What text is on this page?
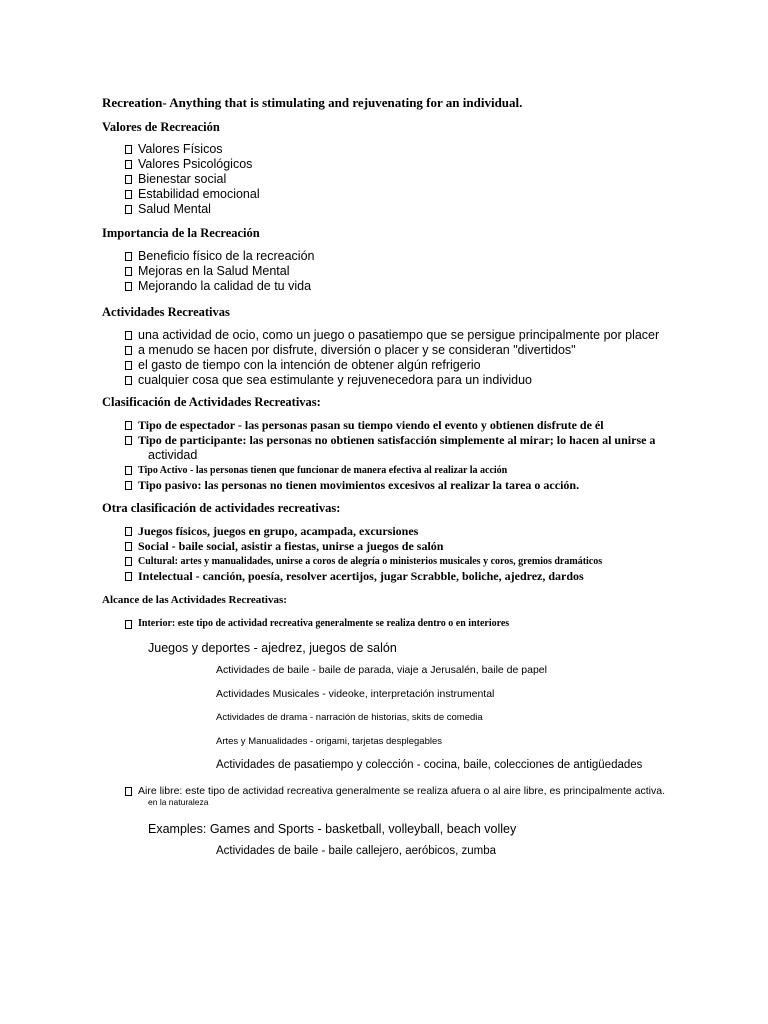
Recreation- Anything that is stimulating and rejuvenating for an individual.
Valores de Recreación
Valores Físicos
Valores Psicológicos
Bienestar social
Estabilidad emocional
Salud Mental
Importancia de la Recreación
Beneficio físico de la recreación
Mejoras en la Salud Mental
Mejorando la calidad de tu vida
Actividades Recreativas
una actividad de ocio, como un juego o pasatiempo que se persigue principalmente por placer
a menudo se hacen por disfrute, diversión o placer y se consideran "divertidos"
el gasto de tiempo con la intención de obtener algún refrigerio
cualquier cosa que sea estimulante y rejuvenecedora para un individuo
Clasificación de Actividades Recreativas:
Tipo de espectador - las personas pasan su tiempo viendo el evento y obtienen disfrute de él
Tipo de participante: las personas no obtienen satisfacción simplemente al mirar; lo hacen al unirse a
actividad
Tipo Activo - las personas tienen que funcionar de manera efectiva al realizar la acción
Tipo pasivo: las personas no tienen movimientos excesivos al realizar la tarea o acción.
Otra clasificación de actividades recreativas:
Juegos físicos, juegos en grupo, acampada, excursiones
Social - baile social, asistir a fiestas, unirse a juegos de salón
Cultural: artes y manualidades, unirse a coros de alegría o ministerios musicales y coros, gremios dramáticos
Intelectual - canción, poesía, resolver acertijos, jugar Scrabble, boliche, ajedrez, dardos
Alcance de las Actividades Recreativas:
Interior: este tipo de actividad recreativa generalmente se realiza dentro o en interiores
Juegos y deportes - ajedrez, juegos de salón
Actividades de baile - baile de parada, viaje a Jerusalén, baile de papel
Actividades Musicales - videoke, interpretación instrumental
Actividades de drama - narración de historias, skits de comedia
Artes y Manualidades - origami, tarjetas desplegables
Actividades de pasatiempo y colección - cocina, baile, colecciones de antigüedades
Aire libre: este tipo de actividad recreativa generalmente se realiza afuera o al aire libre, es principalmente activa.
en la naturaleza
Examples: Games and Sports - basketball, volleyball, beach volley
Actividades de baile - baile callejero, aeróbicos, zumba
